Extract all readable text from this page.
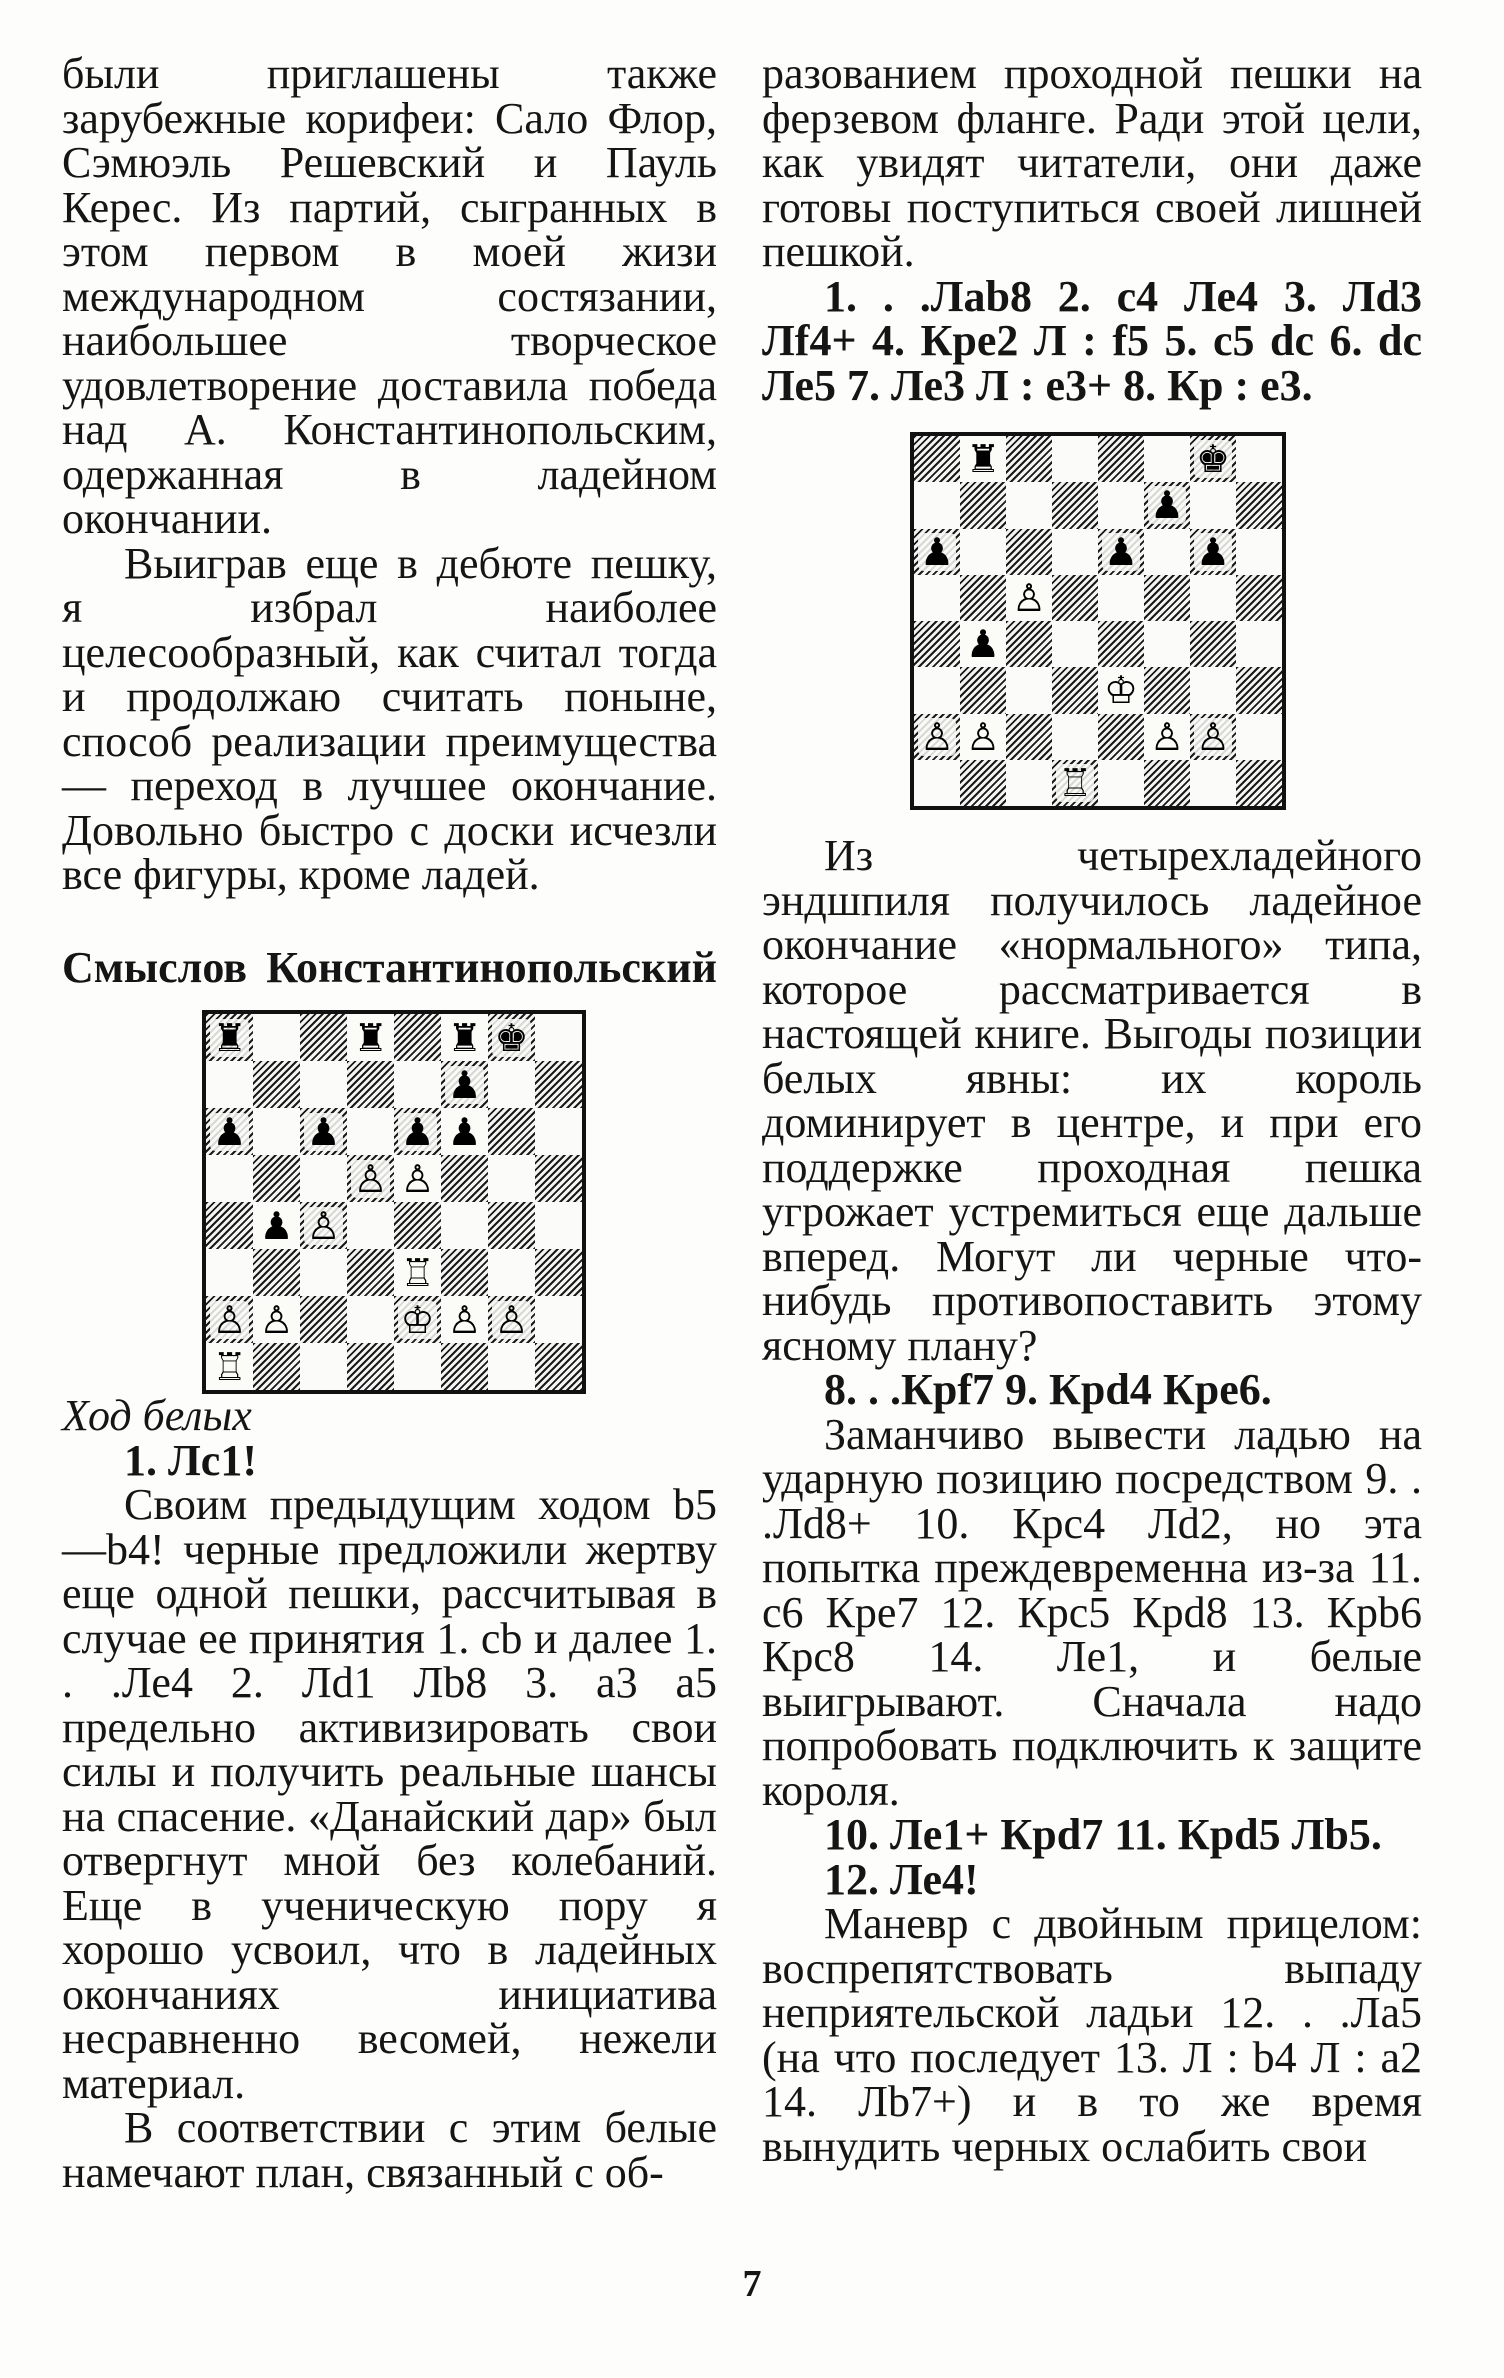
были приглашены также зарубежные корифеи: Сало Флор, Сэмюэль Решевский и Пауль Керес. Из партий, сыгранных в этом первом в моей жизи международном состязании, наибольшее творческое удовлетворение доставила победа над А. Константинопольским, одержанная в ладейном окончании.

Выиграв еще в дебюте пешку, я избрал наиболее целесообразный, как считал тогда и продолжаю считать поныне, способ реализации преимущества — переход в лучшее окончание. Довольно быстро с доски исчезли все фигуры, кроме ладей.

Смыслов Константинопольский

♜	♜ ♜ ♚
♟
♟ ♟ ♟ ♟
♙ ♙
♟ ♙
♖
♙ ♙	♔ ♙ ♙
♖

Ход белых

1. Лс1!

Своим предыдущим ходом b5—b4! черные предложили жертву еще одной пешки, рассчитывая в случае ее принятия 1. cb и далее 1. . .Ле4 2. Лd1 Лb8 3. а3 а5 предельно активизировать свои силы и получить реальные шансы на спасение. «Данайский дар» был отвергнут мной без колебаний. Еще в ученическую пору я хорошо усвоил, что в ладейных окончаниях инициатива несравненно весомей, нежели материал.

В соответствии с этим белые намечают план, связанный с об-

разованием проходной пешки на ферзевом фланге. Ради этой цели, как увидят читатели, они даже готовы поступиться своей лишней пешкой.

1. . .Лab8 2. с4 Ле4 3. Лd3 Лf4+ 4. Крe2 Л : f5 5. c5 dc 6. dc Ле5 7. Ле3 Л : е3+ 8. Кр : е3.

♜	♚
♟
♟	♟ ♟
♙
♟
♔
♙ ♙	♙ ♙
♖

Из четырехладейного эндшпиля получилось ладейное окончание «нормального» типа, которое рассматривается в настоящей книге. Выгоды позиции белых явны: их король доминирует в центре, и при его поддержке проходная пешка угрожает устремиться еще дальше вперед. Могут ли черные что-нибудь противопоставить этому ясному плану?

8. . .Крf7 9. Крd4 Крe6.

Заманчиво вывести ладью на ударную позицию посредством 9. . .Лd8+ 10. Крс4 Лd2, но эта попытка преждевременна из-за 11. с6 Крe7 12. Крс5 Крd8 13. Крb6 Крс8 14. Лe1, и белые выигрывают. Сначала надо попробовать подключить к защите короля.

10. Лe1+ Крd7 11. Крd5 Лb5.

12. Ле4!

Маневр с двойным прицелом: воспрепятствовать выпаду неприятельской ладьи 12. . .Ла5 (на что последует 13. Л : b4 Л : а2 14. Лb7+) и в то же время вынудить черных ослабить свои

7
